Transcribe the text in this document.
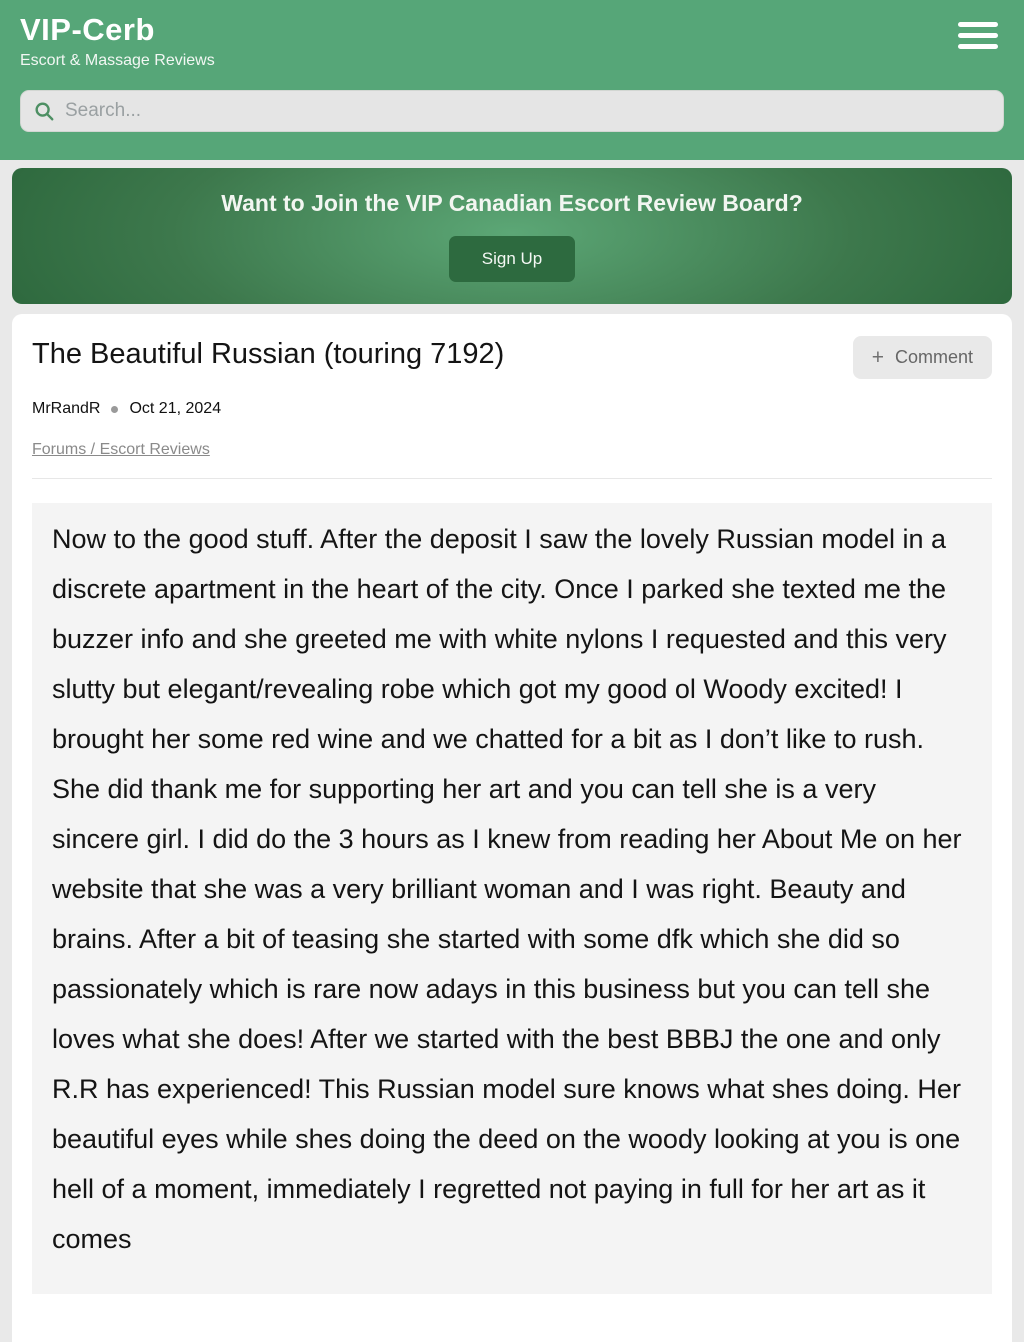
VIP-Cerb
Escort & Massage Reviews
Search...
Want to Join the VIP Canadian Escort Review Board?
Sign Up
The Beautiful Russian (touring 7192)	+ Comment
MrRandR Oct 21, 2024
Forums / Escort Reviews
Now to the good stuff. After the deposit I saw the lovely Russian model in a discrete apartment in the heart of the city. Once I parked she texted me the buzzer info and she greeted me with white nylons I requested and this very slutty but elegant/revealing robe which got my good ol Woody excited! I brought her some red wine and we chatted for a bit as I don’t like to rush. She did thank me for supporting her art and you can tell she is a very sincere girl. I did do the 3 hours as I knew from reading her About Me on her website that she was a very brilliant woman and I was right. Beauty and brains. After a bit of teasing she started with some dfk which she did so passionately which is rare now adays in this business but you can tell she loves what she does! After we started with the best BBBJ the one and only R.R has experienced! This Russian model sure knows what shes doing. Her beautiful eyes while shes doing the deed on the woody looking at you is one hell of a moment, immediately I regretted not paying in full for her art as it comes
